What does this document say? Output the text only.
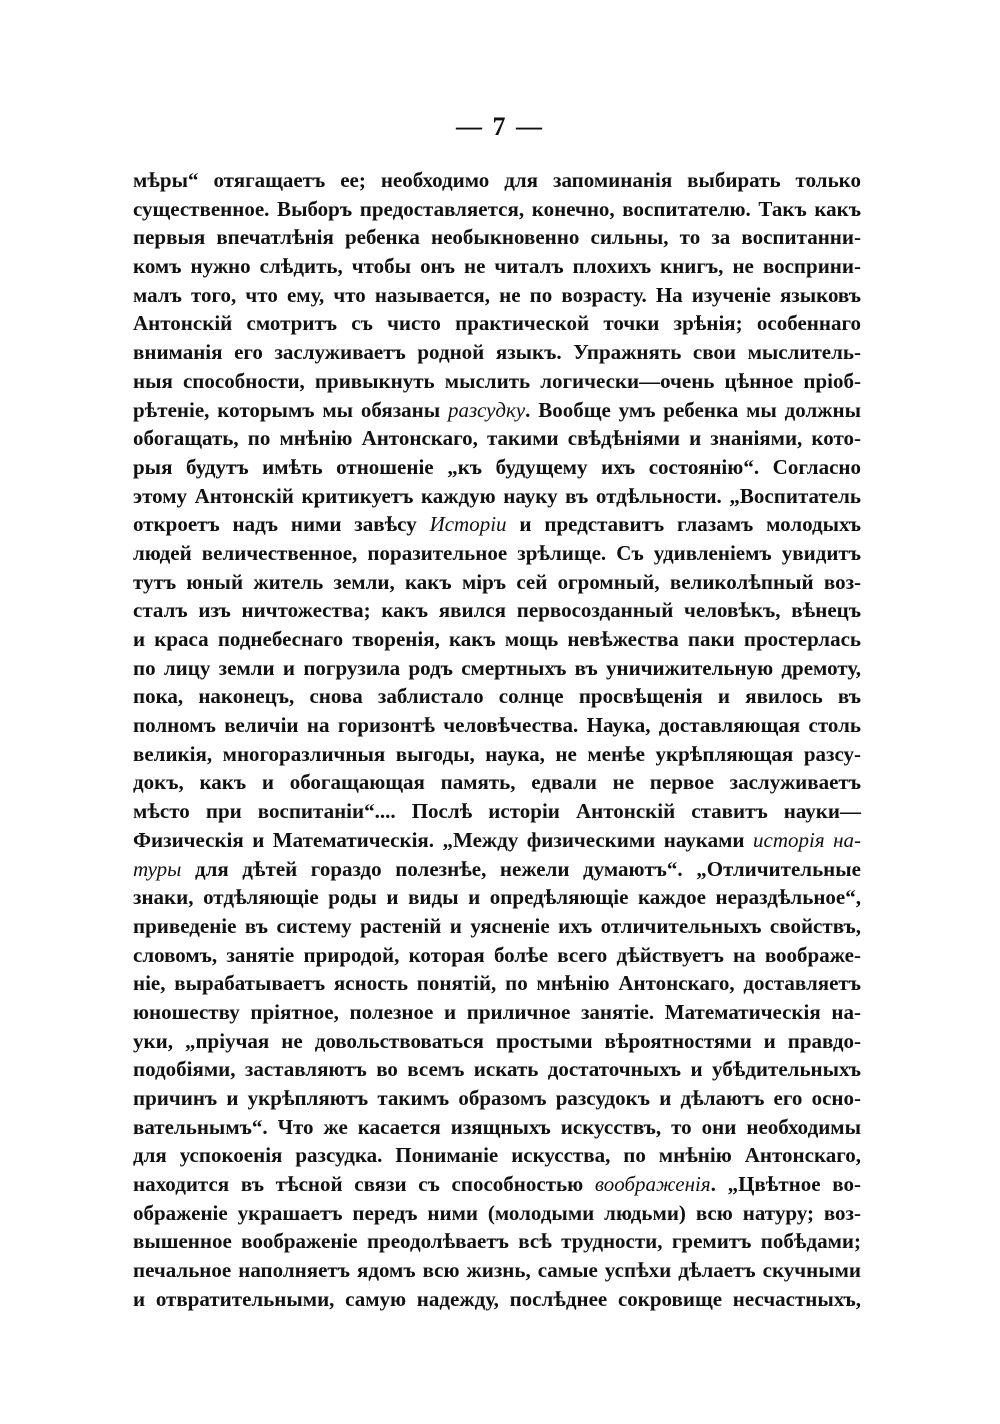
— 7 —
мѣры“ отягащаетъ ее; необходимо для запоминанія выбирать только
существенное. Выборъ предоставляется, конечно, воспитателю. Такъ какъ
первыя впечатлѣнія ребенка необыкновенно сильны, то за воспитанни-
комъ нужно слѣдить, чтобы онъ не читалъ плохихъ книгъ, не восприни-
малъ того, что ему, что называется, не по возрасту. На изученіе языковъ
Антонскій смотритъ съ чисто практической точки зрѣнія; особеннаго
вниманія его заслуживаетъ родной языкъ. Упражнять свои мыслитель-
ныя способности, привыкнуть мыслить логически—очень цѣнное пріоб-
рѣтеніе, которымъ мы обязаны разсудку. Вообще умъ ребенка мы должны
обогащать, по мнѣнію Антонскаго, такими свѣдѣніями и знаніями, кото-
рыя будутъ имѣть отношеніе „къ будущему ихъ состоянію“. Согласно
этому Антонскій критикуетъ каждую науку въ отдѣльности. „Воспитатель
откроетъ надъ ними завѣсу Исторіи и представитъ глазамъ молодыхъ
людей величественное, поразительное зрѣлище. Съ удивленіемъ увидитъ
тутъ юный житель земли, какъ міръ сей огромный, великолѣпный воз-
сталъ изъ ничтожества; какъ явился первосозданный человѣкъ, вѣнецъ
и краса поднебеснаго творенія, какъ мощь невѣжества паки простерлась
по лицу земли и погрузила родъ смертныхъ въ уничижительную дремоту,
пока, наконецъ, снова заблистало солнце просвѣщенія и явилось въ
полномъ величіи на горизонтѣ человѣчества. Наука, доставляющая столь
великія, многоразличныя выгоды, наука, не менѣе укрѣпляющая разсу-
докъ, какъ и обогащающая память, едвали не первое заслуживаетъ
мѣсто при воспитаніи“.... Послѣ исторіи Антонскій ставитъ науки—
Физическія и Математическія. „Между физическими науками исторія на-
туры для дѣтей гораздо полезнѣе, нежели думаютъ“. „Отличительные
знаки, отдѣляющіе роды и виды и опредѣляющіе каждое нераздѣльное“,
приведеніе въ систему растеній и уясненіе ихъ отличительныхъ свойствъ,
словомъ, занятіе природой, которая болѣе всего дѣйствуетъ на воображе-
ніе, вырабатываетъ ясность понятій, по мнѣнію Антонскаго, доставляетъ
юношеству пріятное, полезное и приличное занятіе. Математическія на-
уки, „пріучая не довольствоваться простыми вѣроятностями и правдо-
подобіями, заставляютъ во всемъ искать достаточныхъ и убѣдительныхъ
причинъ и укрѣпляютъ такимъ образомъ разсудокъ и дѣлаютъ его осно-
вательнымъ“. Что же касается изящныхъ искусствъ, то они необходимы
для успокоенія разсудка. Пониманіе искусства, по мнѣнію Антонскаго,
находится въ тѣсной связи съ способностью воображенія. „Цвѣтное во-
ображеніе украшаетъ передъ ними (молодыми людьми) всю натуру; воз-
вышенное воображеніе преодолѣваетъ всѣ трудности, гремитъ побѣдами;
печальное наполняетъ ядомъ всю жизнь, самые успѣхи дѣлаетъ скучными
и отвратительными, самую надежду, послѣднее сокровище несчастныхъ,
